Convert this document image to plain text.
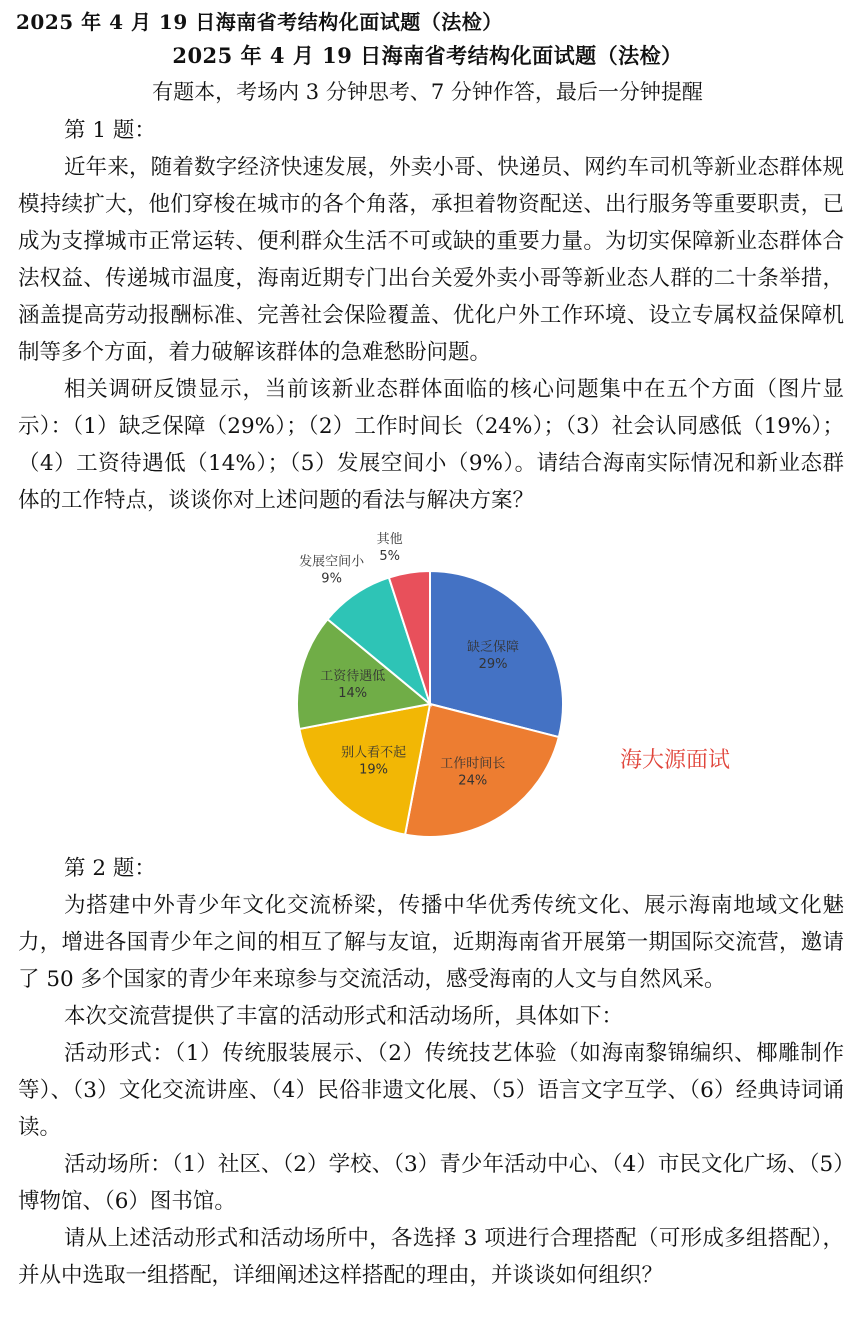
2025 年 4 月 19 日海南省考结构化面试题（法检）
2025 年 4 月 19 日海南省考结构化面试题（法检）
有题本，考场内 3 分钟思考、7 分钟作答，最后一分钟提醒

第 1 题：

近年来，随着数字经济快速发展，外卖小哥、快递员、网约车司机等新业态群体规模持续扩大，他们穿梭在城市的各个角落，承担着物资配送、出行服务等重要职责，已成为支撑城市正常运转、便利群众生活不可或缺的重要力量。为切实保障新业态群体合法权益、传递城市温度，海南近期专门出台关爱外卖小哥等新业态人群的二十条举措，涵盖提高劳动报酬标准、完善社会保险覆盖、优化户外工作环境、设立专属权益保障机制等多个方面，着力破解该群体的急难愁盼问题。

相关调研反馈显示，当前该新业态群体面临的核心问题集中在五个方面（图片显示）：（1）缺乏保障（29%）；（2）工作时间长（24%）；（3）社会认同感低（19%）；（4）工资待遇低（14%）；（5）发展空间小（9%）。请结合海南实际情况和新业态群体的工作特点，谈谈你对上述问题的看法与解决方案？

缺乏保障
29%
工作时间长
24%
别人看不起
19%
工资待遇低
14%
发展空间小
9%
其他
5%
海大源面试

第 2 题：

为搭建中外青少年文化交流桥梁，传播中华优秀传统文化、展示海南地域文化魅力，增进各国青少年之间的相互了解与友谊，近期海南省开展第一期国际交流营，邀请了 50 多个国家的青少年来琼参与交流活动，感受海南的人文与自然风采。

本次交流营提供了丰富的活动形式和活动场所，具体如下：

活动形式：（1）传统服装展示、（2）传统技艺体验（如海南黎锦编织、椰雕制作等）、（3）文化交流讲座、（4）民俗非遗文化展、（5）语言文字互学、（6）经典诗词诵读。

活动场所：（1）社区、（2）学校、（3）青少年活动中心、（4）市民文化广场、（5）博物馆、（6）图书馆。

请从上述活动形式和活动场所中，各选择 3 项进行合理搭配（可形成多组搭配），并从中选取一组搭配，详细阐述这样搭配的理由，并谈谈如何组织？
